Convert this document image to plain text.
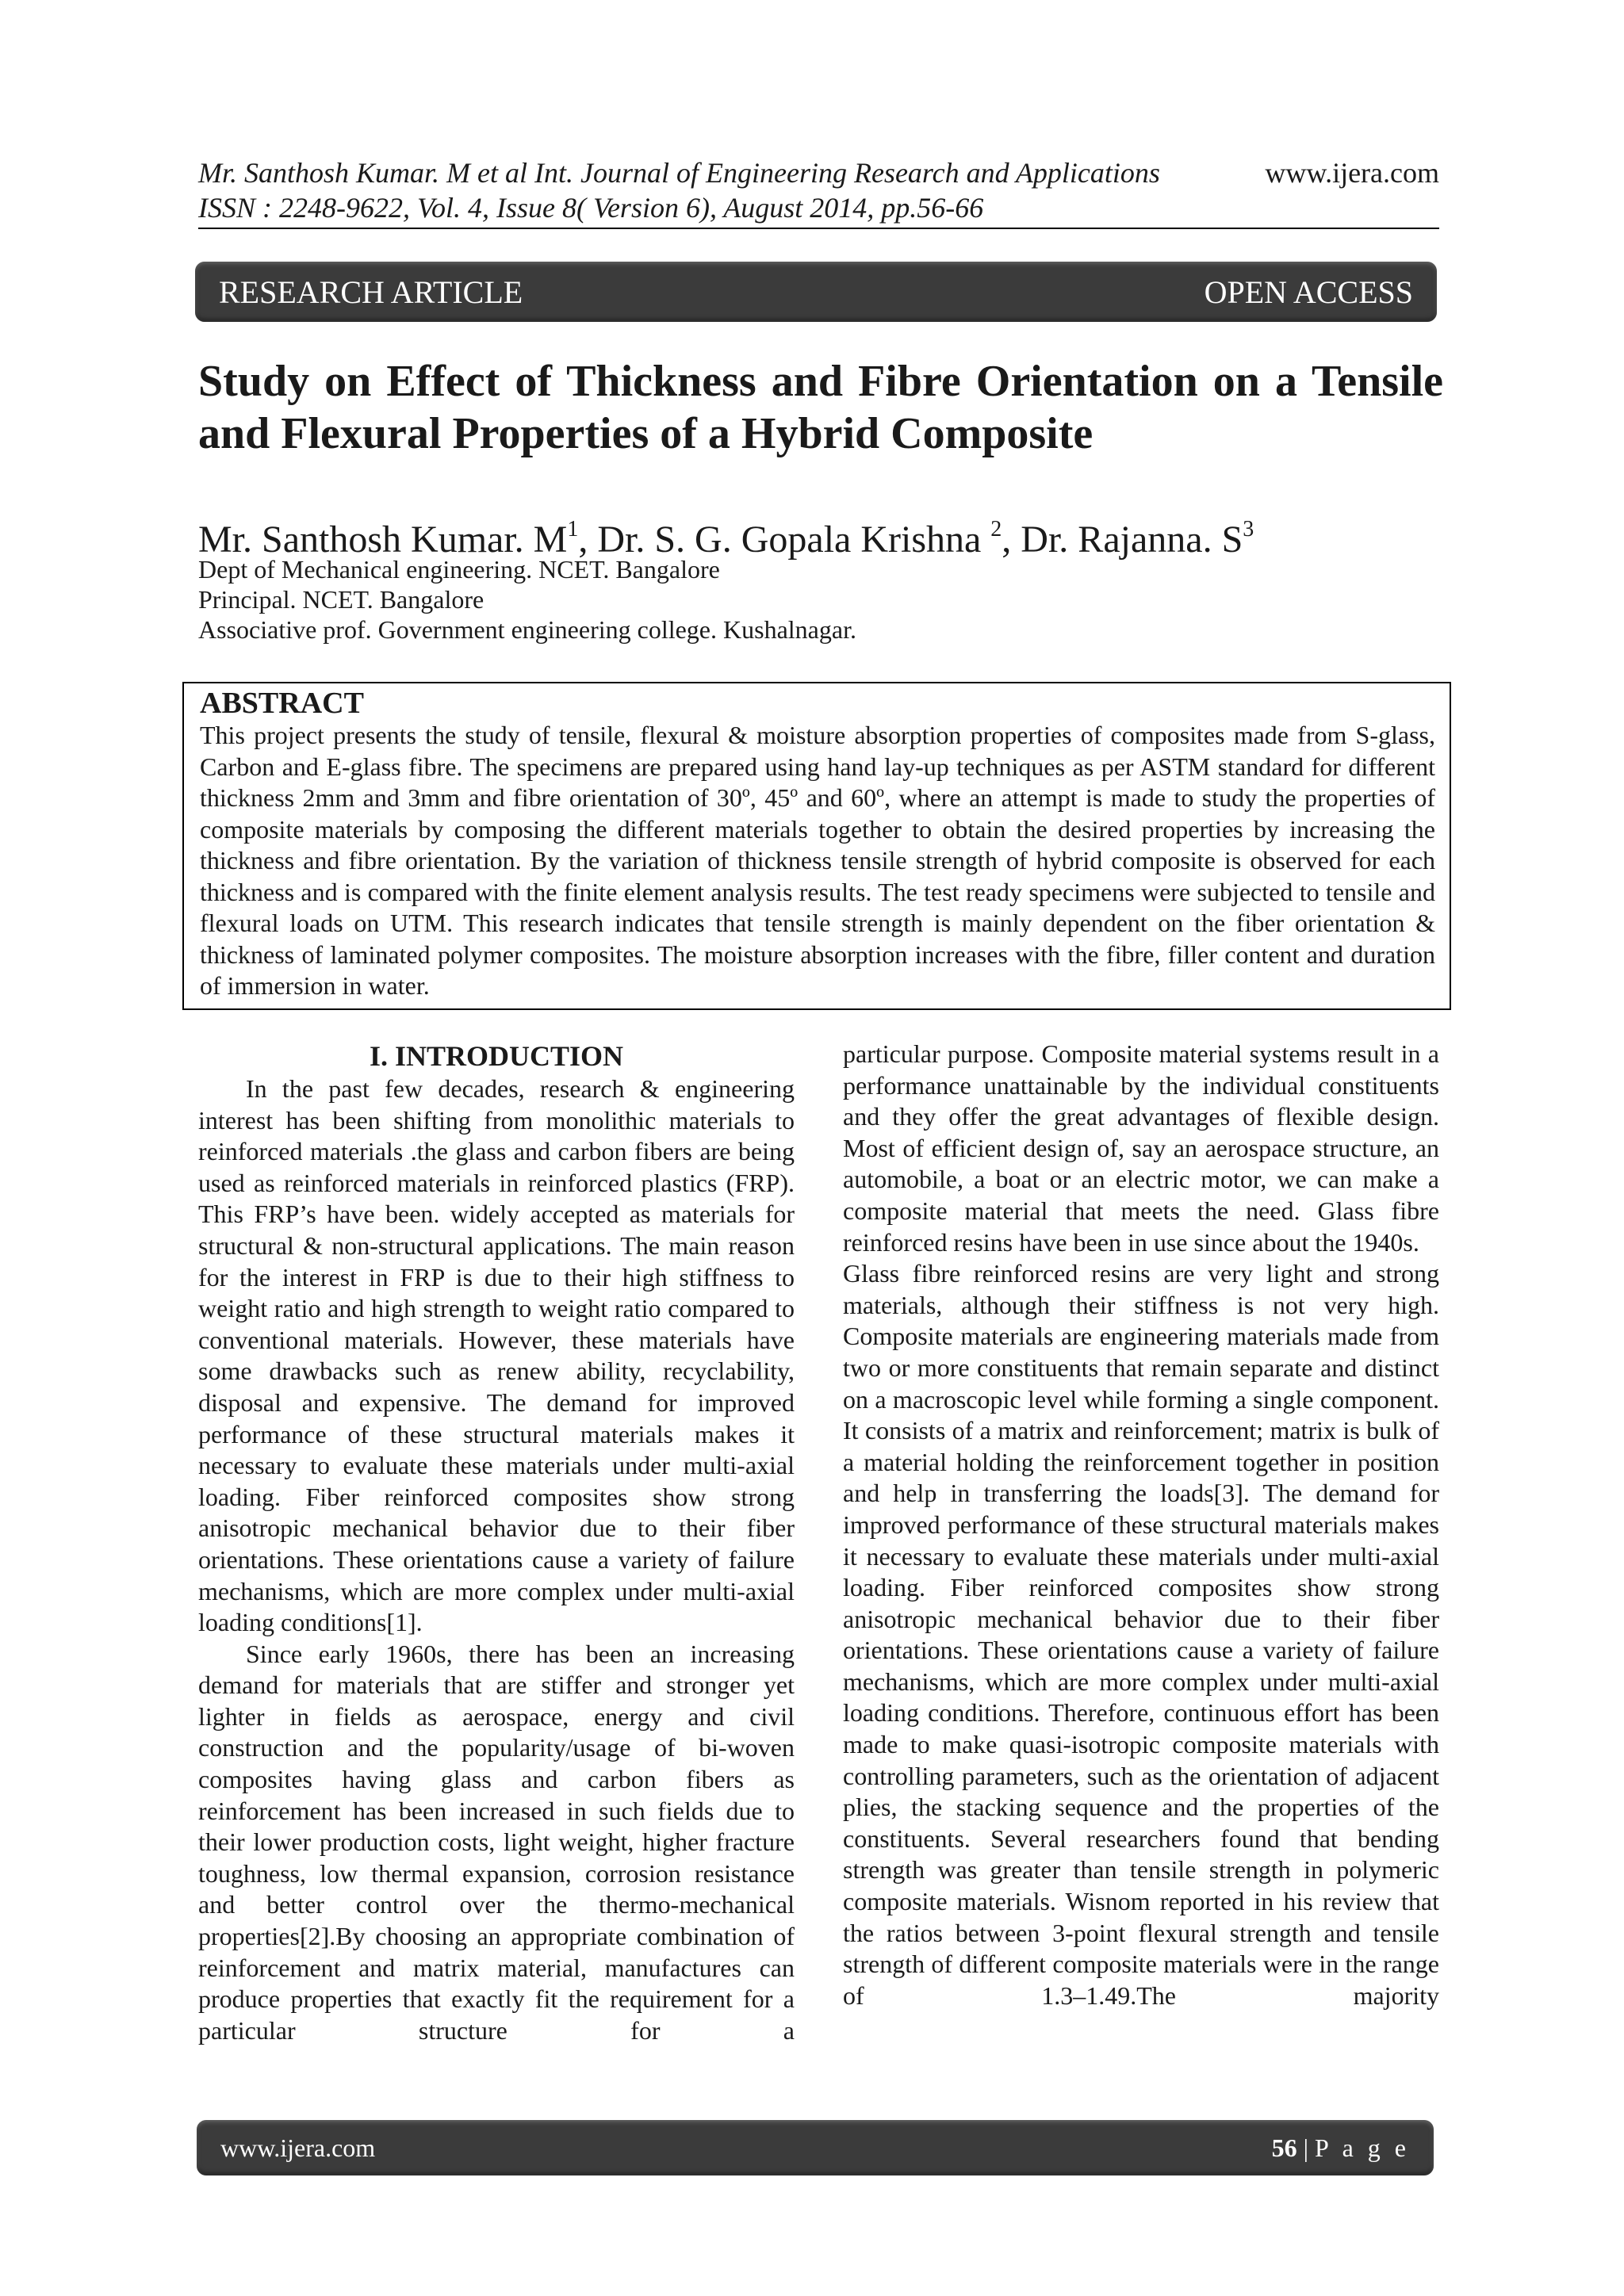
Mr. Santhosh Kumar. M et al Int. Journal of Engineering Research and Applications	www.ijera.com
ISSN : 2248-9622, Vol. 4, Issue 8( Version 6), August 2014, pp.56-66
RESEARCH ARTICLE	OPEN ACCESS
Study on Effect of Thickness and Fibre Orientation on a Tensile and Flexural Properties of a Hybrid Composite
Mr. Santhosh Kumar. $M^1$, Dr. S. G. Gopala Krishna $^2$, Dr. Rajanna. $S^3$
Dept of Mechanical engineering. NCET. Bangalore
Principal. NCET. Bangalore
Associative prof. Government engineering college. Kushalnagar.
ABSTRACT
This project presents the study of tensile, flexural & moisture absorption properties of composites made from S-glass, Carbon and E-glass fibre. The specimens are prepared using hand lay-up techniques as per ASTM standard for different thickness 2mm and 3mm and fibre orientation of 30º, 45º and 60º, where an attempt is made to study the properties of composite materials by composing the different materials together to obtain the desired properties by increasing the thickness and fibre orientation. By the variation of thickness tensile strength of hybrid composite is observed for each thickness and is compared with the finite element analysis results. The test ready specimens were subjected to tensile and flexural loads on UTM. This research indicates that tensile strength is mainly dependent on the fiber orientation & thickness of laminated polymer composites. The moisture absorption increases with the fibre, filler content and duration of immersion in water.
I. INTRODUCTION

In the past few decades, research & engineering interest has been shifting from monolithic materials to reinforced materials .the glass and carbon fibers are being used as reinforced materials in reinforced plastics (FRP). This FRP’s have been. widely accepted as materials for structural & non-structural applications. The main reason for the interest in FRP is due to their high stiffness to weight ratio and high strength to weight ratio compared to conventional materials. However, these materials have some drawbacks such as renew ability, recyclability, disposal and expensive. The demand for improved performance of these structural materials makes it necessary to evaluate these materials under multi-axial loading. Fiber reinforced composites show strong anisotropic mechanical behavior due to their fiber orientations. These orientations cause a variety of failure mechanisms, which are more complex under multi-axial loading conditions[1].

Since early 1960s, there has been an increasing demand for materials that are stiffer and stronger yet lighter in fields as aerospace, energy and civil construction and the popularity/usage of bi-woven composites having glass and carbon fibers as reinforcement has been increased in such fields due to their lower production costs, light weight, higher fracture toughness, low thermal expansion, corrosion resistance and better control over the thermo-mechanical properties[2].By choosing an appropriate combination of reinforcement and matrix material, manufactures can produce properties that exactly fit the requirement for a particular structure for a

particular purpose. Composite material systems result in a performance unattainable by the individual constituents and they offer the great advantages of flexible design. Most of efficient design of, say an aerospace structure, an automobile, a boat or an electric motor, we can make a composite material that meets the need. Glass fibre reinforced resins have been in use since about the 1940s.

Glass fibre reinforced resins are very light and strong materials, although their stiffness is not very high. Composite materials are engineering materials made from two or more constituents that remain separate and distinct on a macroscopic level while forming a single component. It consists of a matrix and reinforcement; matrix is bulk of a material holding the reinforcement together in position and help in transferring the loads[3]. The demand for improved performance of these structural materials makes it necessary to evaluate these materials under multi-axial loading. Fiber reinforced composites show strong anisotropic mechanical behavior due to their fiber orientations. These orientations cause a variety of failure mechanisms, which are more complex under multi-axial loading conditions. Therefore, continuous effort has been made to make quasi-isotropic composite materials with controlling parameters, such as the orientation of adjacent plies, the stacking sequence and the properties of the constituents. Several researchers found that bending strength was greater than tensile strength in polymeric composite materials. Wisnom reported in his review that the ratios between 3-point flexural strength and tensile strength of different composite materials were in the range of 1.3–1.49.The majority

www.ijera.com	56 | P a g e
